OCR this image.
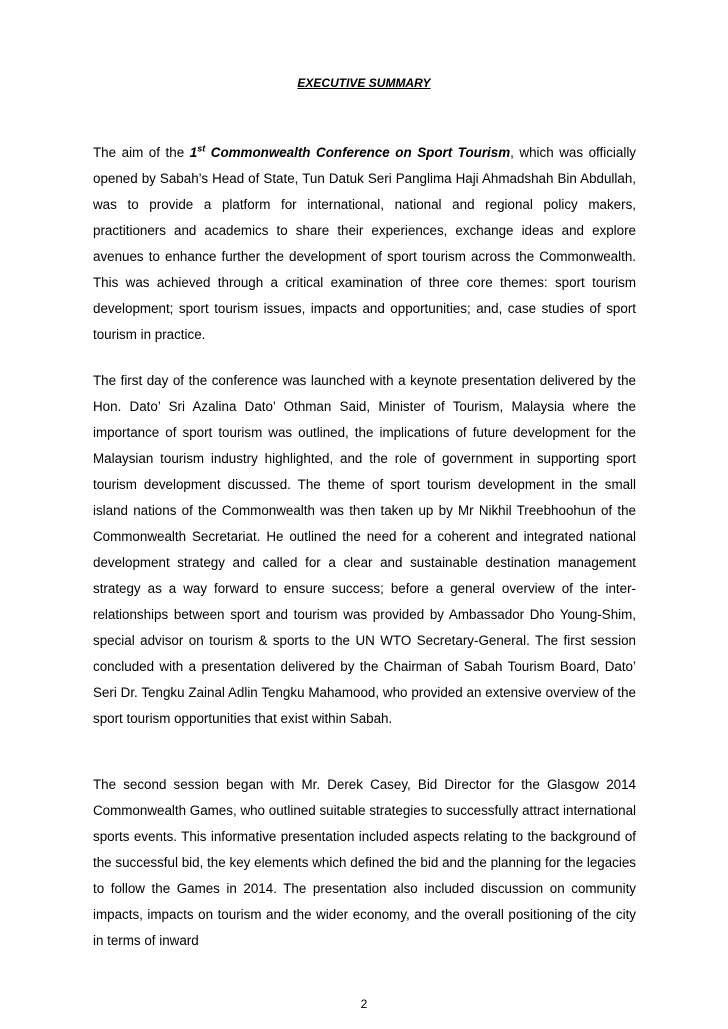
EXECUTIVE SUMMARY

The aim of the 1st Commonwealth Conference on Sport Tourism, which was officially opened by Sabah’s Head of State, Tun Datuk Seri Panglima Haji Ahmadshah Bin Abdullah, was to provide a platform for international, national and regional policy makers, practitioners and academics to share their experiences, exchange ideas and explore avenues to enhance further the development of sport tourism across the Commonwealth. This was achieved through a critical examination of three core themes: sport tourism development; sport tourism issues, impacts and opportunities; and, case studies of sport tourism in practice.

The first day of the conference was launched with a keynote presentation delivered by the Hon. Dato’ Sri Azalina Dato’ Othman Said, Minister of Tourism, Malaysia where the importance of sport tourism was outlined, the implications of future development for the Malaysian tourism industry highlighted, and the role of government in supporting sport tourism development discussed. The theme of sport tourism development in the small island nations of the Commonwealth was then taken up by Mr Nikhil Treebhoohun of the Commonwealth Secretariat. He outlined the need for a coherent and integrated national development strategy and called for a clear and sustainable destination management strategy as a way forward to ensure success; before a general overview of the inter-relationships between sport and tourism was provided by Ambassador Dho Young-Shim, special advisor on tourism & sports to the UN WTO Secretary-General. The first session concluded with a presentation delivered by the Chairman of Sabah Tourism Board, Dato’ Seri Dr. Tengku Zainal Adlin Tengku Mahamood, who provided an extensive overview of the sport tourism opportunities that exist within Sabah.

The second session began with Mr. Derek Casey, Bid Director for the Glasgow 2014 Commonwealth Games, who outlined suitable strategies to successfully attract international sports events. This informative presentation included aspects relating to the background of the successful bid, the key elements which defined the bid and the planning for the legacies to follow the Games in 2014. The presentation also included discussion on community impacts, impacts on tourism and the wider economy, and the overall positioning of the city in terms of inward

2
